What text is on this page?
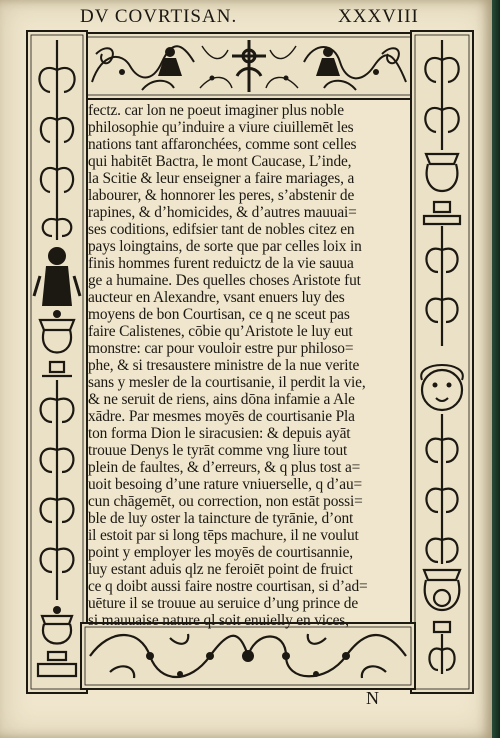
DV COVRTISAN.	XXXVIII
fectz. car lon ne poeut imaginer plus noble
philosophie qu’induire a viure ciuillemēt les
nations tant affaronchées, comme sont celles
qui habitēt Bactra, le mont Caucase, L’inde,
la Scitie & leur enseigner a faire mariages, a
labourer, & honnorer les peres, s’abstenir de
rapines, & d’homicides, & d’autres mauuai=
ses coditions, edifsier tant de nobles citez en
pays loingtains, de sorte que par celles loix in
finis hommes furent reduictz de la vie sauua
ge a humaine. Des quelles choses Aristote fut
aucteur en Alexandre, vsant enuers luy des
moyens de bon Courtisan, ce q ne sceut pas
faire Calistenes, cōbie qu’Aristote le luy eut
monstre: car pour vouloir estre pur philoso=
phe, & si tresaustere ministre de la nue verite
sans y mesler de la courtisanie, il perdit la vie,
& ne seruit de riens, ains dōna infamie a Ale
xādre. Par mesmes moyēs de courtisanie Pla
ton forma Dion le siracusien: & depuis ayāt
trouue Denys le tyrāt comme vng liure tout
plein de faultes, & d’erreurs, & q plus tost a=
uoit besoing d’une rature vniuerselle, q d’au=
cun chāgemēt, ou correction, non estāt possi=
ble de luy oster la taincture de tyrānie, d’ont
il estoit par si long tēps machure, il ne voulut
point y employer les moyēs de courtisannie,
luy estant aduis qlz ne feroiēt point de fruict
ce q doibt aussi faire nostre courtisan, si d’ad=
uēture il se trouue au seruice d’ung prince de
si mauuaise nature ql soit enuielly en vices,
N
